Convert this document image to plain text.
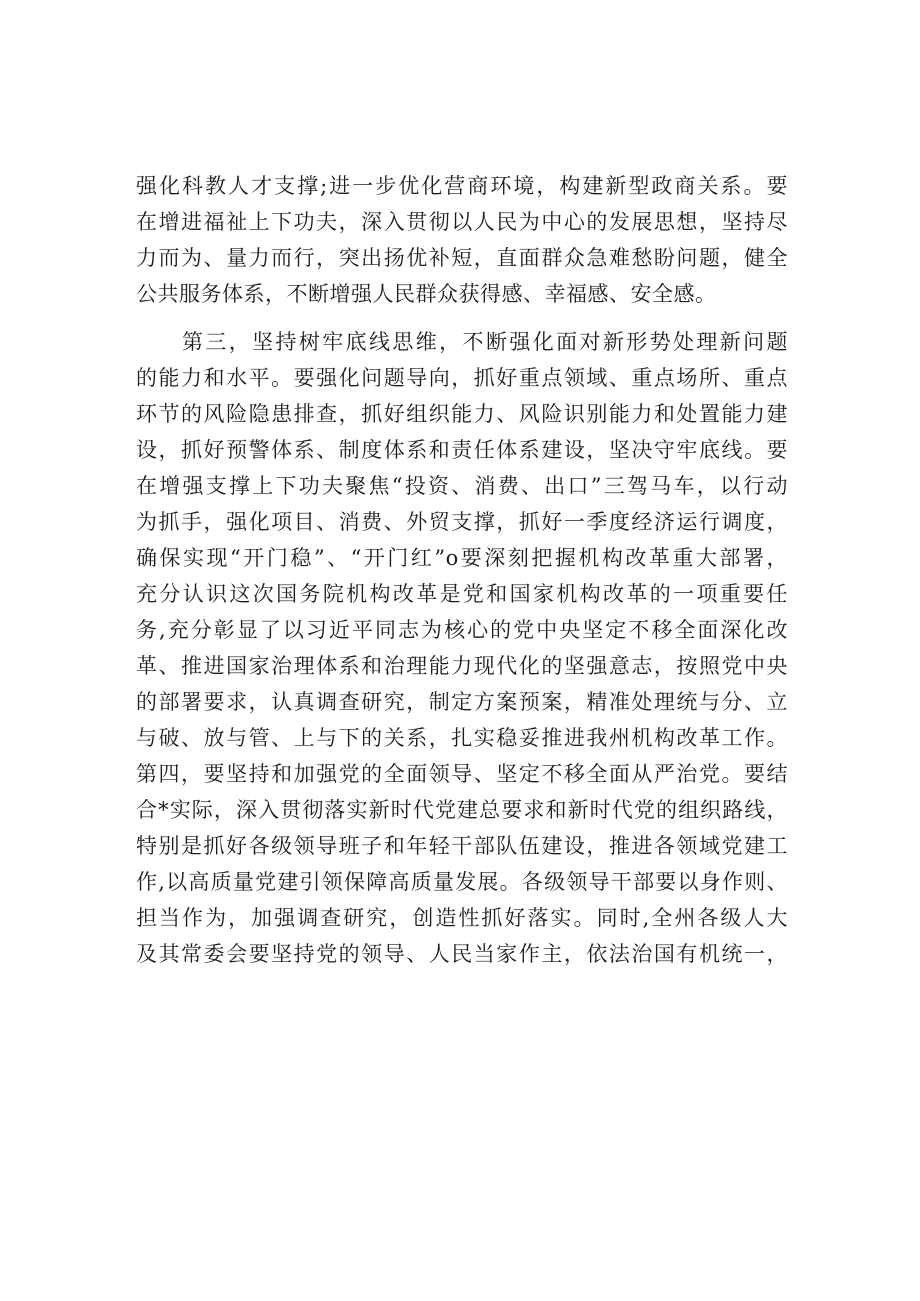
强化科教人才支撑;进一步优化营商环境，构建新型政商关系。要
在增进福祉上下功夫，深入贯彻以人民为中心的发展思想，坚持尽
力而为、量力而行，突出扬优补短，直面群众急难愁盼问题，健全
公共服务体系，不断增强人民群众获得感、幸福感、安全感。
第三，坚持树牢底线思维，不断强化面对新形势处理新问题
的能力和水平。要强化问题导向，抓好重点领域、重点场所、重点
环节的风险隐患排查，抓好组织能力、风险识别能力和处置能力建
设，抓好预警体系、制度体系和责任体系建设，坚决守牢底线。要
在增强支撑上下功夫聚焦“投资、消费、出口”三驾马车，以行动
为抓手，强化项目、消费、外贸支撑，抓好一季度经济运行调度，
确保实现“开门稳”、“开门红”o要深刻把握机构改革重大部署，
充分认识这次国务院机构改革是党和国家机构改革的一项重要任
务,充分彰显了以习近平同志为核心的党中央坚定不移全面深化改
革、推进国家治理体系和治理能力现代化的坚强意志，按照党中央
的部署要求，认真调查研究，制定方案预案，精准处理统与分、立
与破、放与管、上与下的关系，扎实稳妥推进我州机构改革工作。
第四，要坚持和加强党的全面领导、坚定不移全面从严治党。要结
合*实际，深入贯彻落实新时代党建总要求和新时代党的组织路线，
特别是抓好各级领导班子和年轻干部队伍建设，推进各领域党建工
作,以高质量党建引领保障高质量发展。各级领导干部要以身作则、
担当作为，加强调查研究，创造性抓好落实。同时,全州各级人大
及其常委会要坚持党的领导、人民当家作主，依法治国有机统一，
